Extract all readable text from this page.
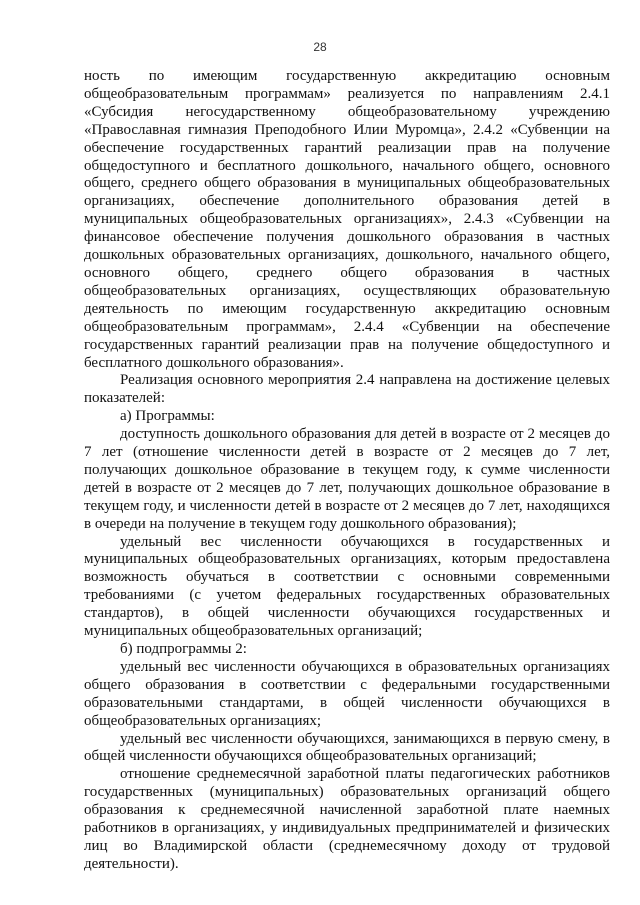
28

ность по имеющим государственную аккредитацию основным общеобразовательным программам» реализуется по направлениям 2.4.1 «Субсидия негосударственному общеобразовательному учреждению «Православная гимназия Преподобного Илии Муромца», 2.4.2 «Субвенции на обеспечение государственных гарантий реализации прав на получение общедоступного и бесплатного дошкольного, начального общего, основного общего, среднего общего образования в муниципальных общеобразовательных организациях, обеспечение дополнительного образования детей в муниципальных общеобразовательных организациях», 2.4.3 «Субвенции на финансовое обеспечение получения дошкольного образования в частных дошкольных образовательных организациях, дошкольного, начального общего, основного общего, среднего общего образования в частных общеобразовательных организациях, осуществляющих образовательную деятельность по имеющим государственную аккредитацию основным общеобразовательным программам», 2.4.4 «Субвенции на обеспечение государственных гарантий реализации прав на получение общедоступного и бесплатного дошкольного образования».

Реализация основного мероприятия 2.4 направлена на достижение целевых показателей:

а) Программы:

доступность дошкольного образования для детей в возрасте от 2 месяцев до 7 лет (отношение численности детей в возрасте от 2 месяцев до 7 лет, получающих дошкольное образование в текущем году, к сумме численности детей в возрасте от 2 месяцев до 7 лет, получающих дошкольное образование в текущем году, и численности детей в возрасте от 2 месяцев до 7 лет, находящихся в очереди на получение в текущем году дошкольного образования);

удельный вес численности обучающихся в государственных и муниципальных общеобразовательных организациях, которым предоставлена возможность обучаться в соответствии с основными современными требованиями (с учетом федеральных государственных образовательных стандартов), в общей численности обучающихся государственных и муниципальных общеобразовательных организаций;

б) подпрограммы 2:

удельный вес численности обучающихся в образовательных организациях общего образования в соответствии с федеральными государственными образовательными стандартами, в общей численности обучающихся в общеобразовательных организациях;

удельный вес численности обучающихся, занимающихся в первую смену, в общей численности обучающихся общеобразовательных организаций;

отношение среднемесячной заработной платы педагогических работников государственных (муниципальных) образовательных организаций общего образования к среднемесячной начисленной заработной плате наемных работников в организациях, у индивидуальных предпринимателей и физических лиц во Владимирской области (среднемесячному доходу от трудовой деятельности).
